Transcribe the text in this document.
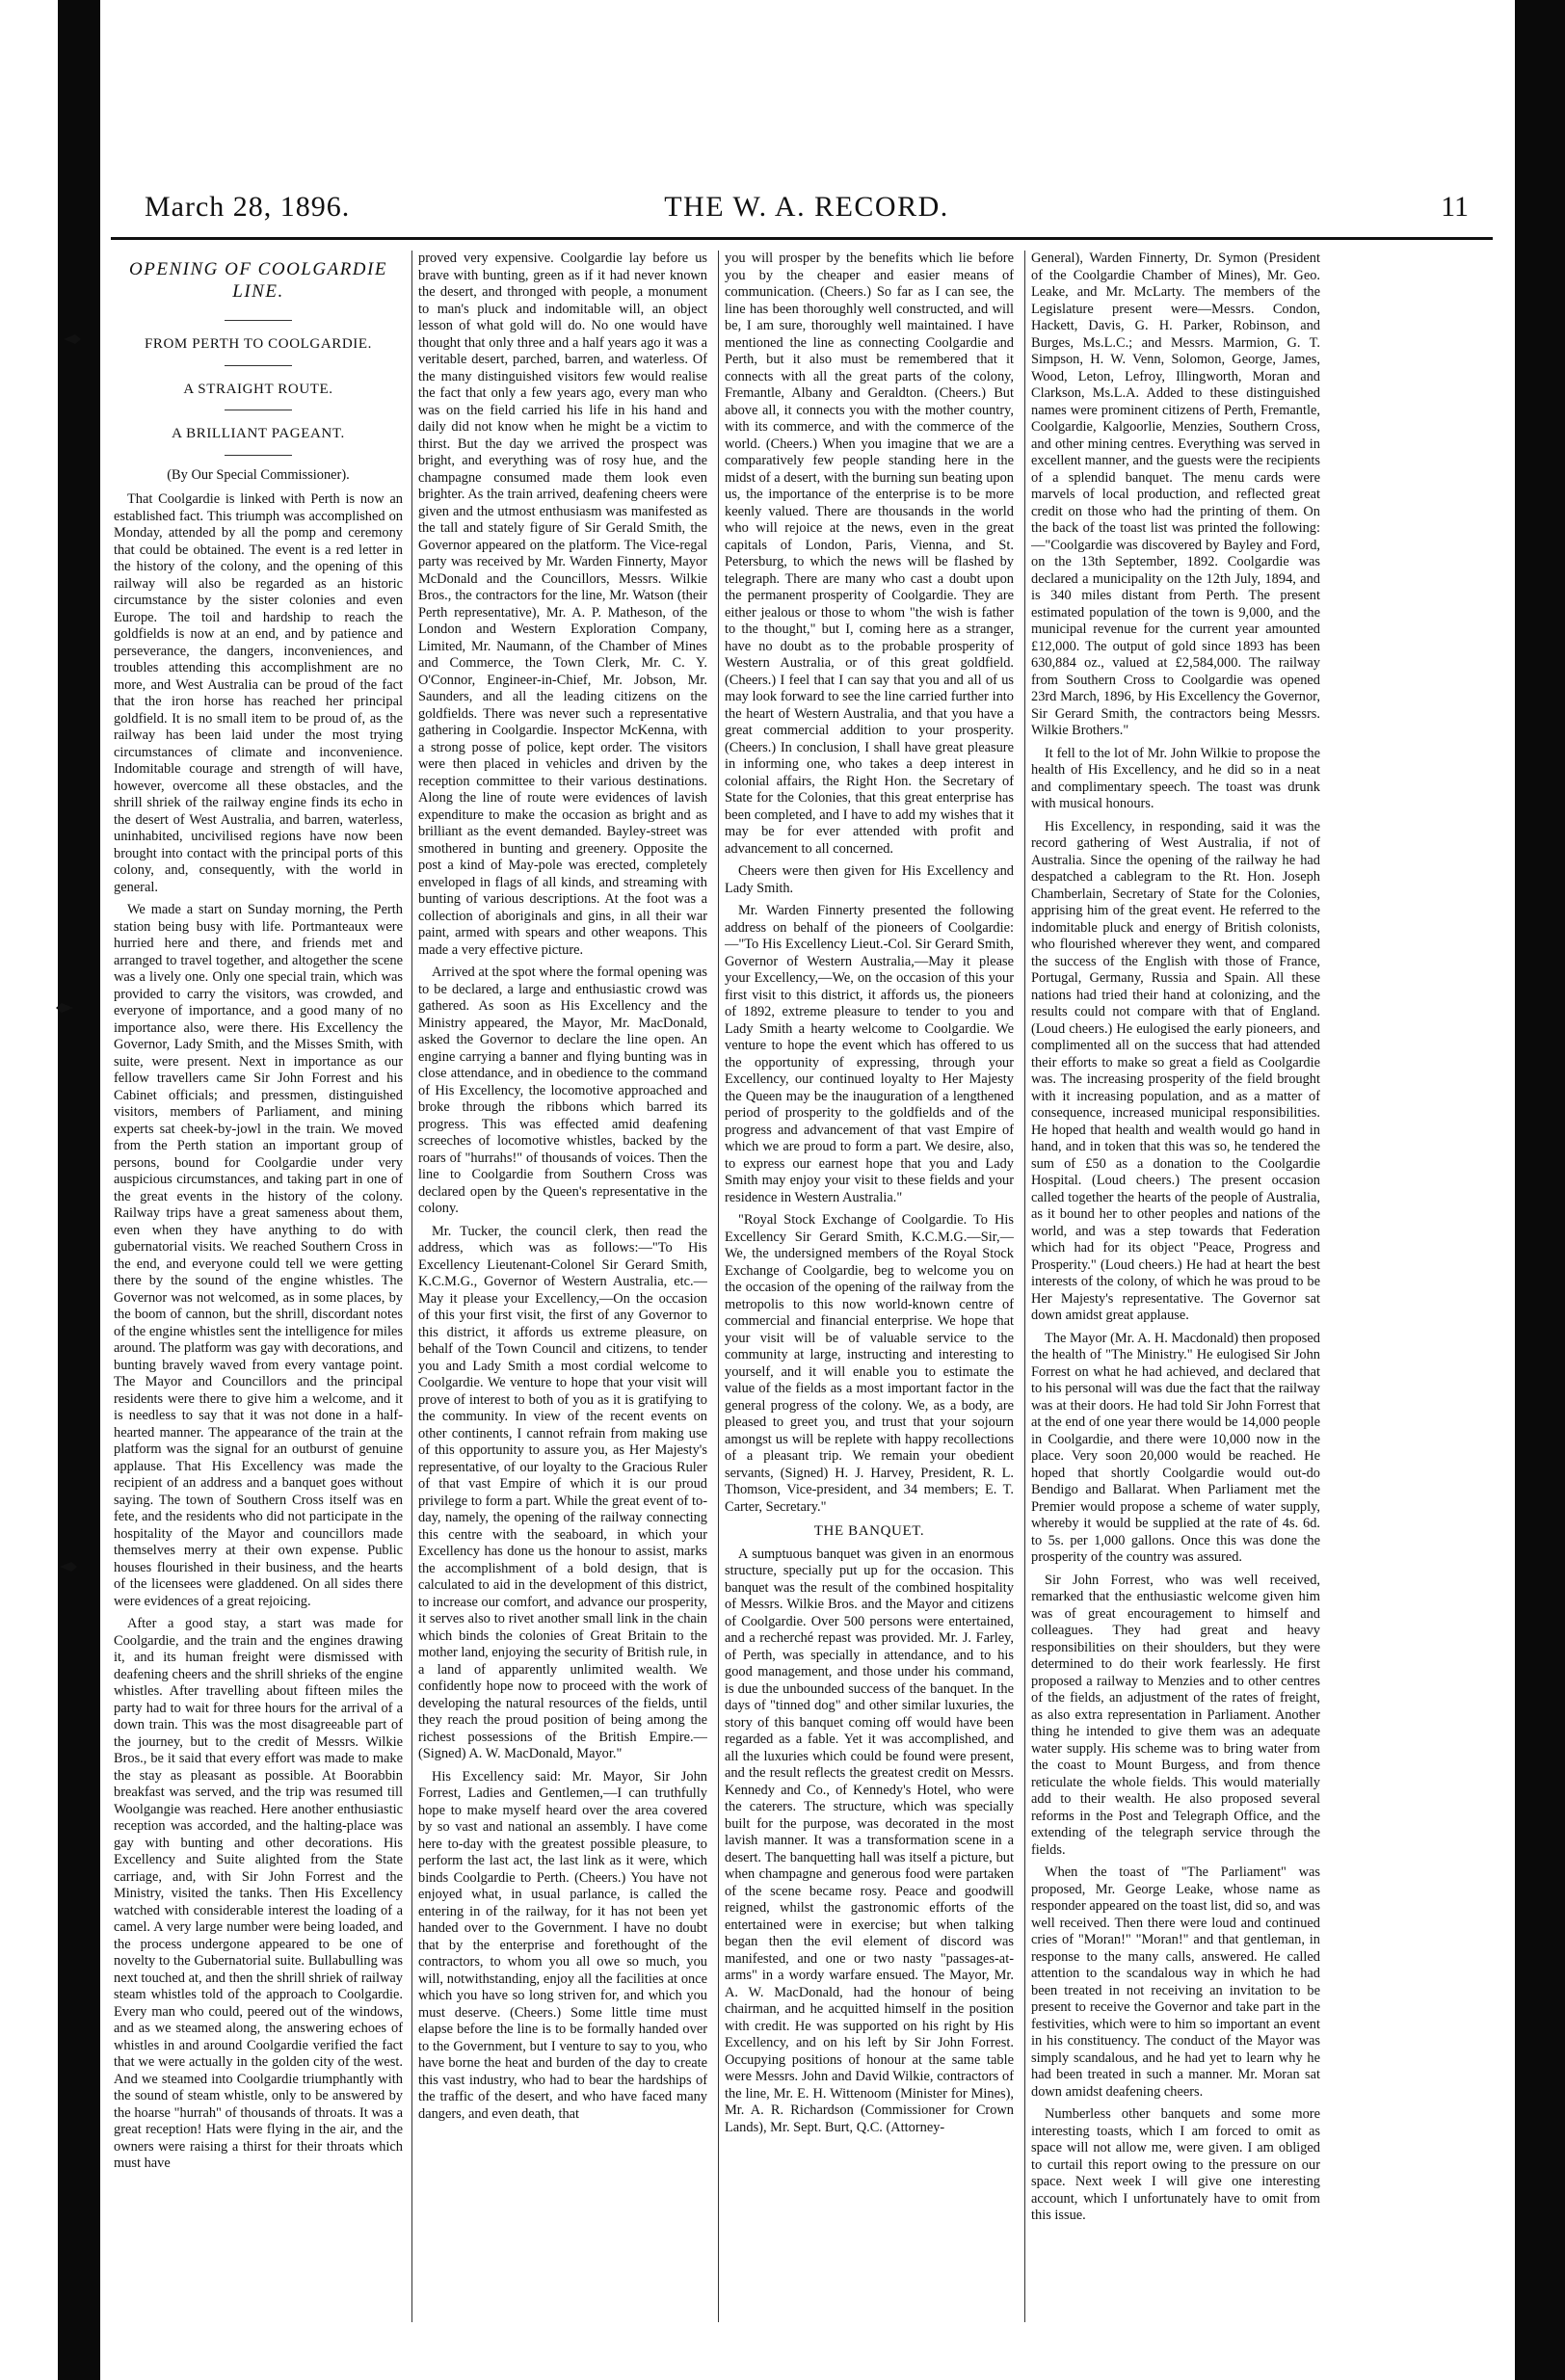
March 28, 1896.	THE W. A. RECORD.	11
OPENING OF COOLGARDIE LINE.
FROM PERTH TO COOLGARDIE.
A STRAIGHT ROUTE.
A BRILLIANT PAGEANT.
(By Our Special Commissioner).

That Coolgardie is linked with Perth is now an established fact. This triumph was accomplished on Monday, attended by all the pomp and ceremony that could be obtained. The event is a red letter in the history of the colony, and the opening of this railway will also be regarded as an historic circumstance by the sister colonies and even Europe. The toil and hardship to reach the goldfields is now at an end, and by patience and perseverance, the dangers, inconveniences, and troubles attending this accomplishment are no more, and West Australia can be proud of the fact that the iron horse has reached her principal goldfield. It is no small item to be proud of, as the railway has been laid under the most trying circumstances of climate and inconvenience. Indomitable courage and strength of will have, however, overcome all these obstacles, and the shrill shriek of the railway engine finds its echo in the desert of West Australia, and barren, waterless, uninhabited, uncivilised regions have now been brought into contact with the principal ports of this colony, and, consequently, with the world in general.

We made a start on Sunday morning, the Perth station being busy with life. Portmanteaux were hurried here and there, and friends met and arranged to travel together, and altogether the scene was a lively one. Only one special train, which was provided to carry the visitors, was crowded, and everyone of importance, and a good many of no importance also, were there. His Excellency the Governor, Lady Smith, and the Misses Smith, with suite, were present. Next in importance as our fellow travellers came Sir John Forrest and his Cabinet officials; and pressmen, distinguished visitors, members of Parliament, and mining experts sat cheek-by-jowl in the train. We moved from the Perth station an important group of persons, bound for Coolgardie under very auspicious circumstances, and taking part in one of the great events in the history of the colony. Railway trips have a great sameness about them, even when they have anything to do with gubernatorial visits. We reached Southern Cross in the end, and everyone could tell we were getting there by the sound of the engine whistles. The Governor was not welcomed, as in some places, by the boom of cannon, but the shrill, discordant notes of the engine whistles sent the intelligence for miles around. The platform was gay with decorations, and bunting bravely waved from every vantage point. The Mayor and Councillors and the principal residents were there to give him a welcome, and it is needless to say that it was not done in a half-hearted manner. The appearance of the train at the platform was the signal for an outburst of genuine applause. That His Excellency was made the recipient of an address and a banquet goes without saying. The town of Southern Cross itself was en fete, and the residents who did not participate in the hospitality of the Mayor and councillors made themselves merry at their own expense. Public houses flourished in their business, and the hearts of the licensees were gladdened. On all sides there were evidences of a great rejoicing.

After a good stay, a start was made for Coolgardie, and the train and the engines drawing it, and its human freight were dismissed with deafening cheers and the shrill shrieks of the engine whistles. After travelling about fifteen miles the party had to wait for three hours for the arrival of a down train. This was the most disagreeable part of the journey, but to the credit of Messrs. Wilkie Bros., be it said that every effort was made to make the stay as pleasant as possible. At Boorabbin breakfast was served, and the trip was resumed till Woolgangie was reached. Here another enthusiastic reception was accorded, and the halting-place was gay with bunting and other decorations. His Excellency and Suite alighted from the State carriage, and, with Sir John Forrest and the Ministry, visited the tanks. Then His Excellency watched with considerable interest the loading of a camel. A very large number were being loaded, and the process undergone appeared to be one of novelty to the Gubernatorial suite. Bullabulling was next touched at, and then the shrill shriek of railway steam whistles told of the approach to Coolgardie. Every man who could, peered out of the windows, and as we steamed along, the answering echoes of whistles in and around Coolgardie verified the fact that we were actually in the golden city of the west. And we steamed into Coolgardie triumphantly with the sound of steam whistle, only to be answered by the hoarse "hurrah" of thousands of throats. It was a great reception! Hats were flying in the air, and the owners were raising a thirst for their throats which must have

proved very expensive. Coolgardie lay before us brave with bunting, green as if it had never known the desert, and thronged with people, a monument to man's pluck and indomitable will, an object lesson of what gold will do. No one would have thought that only three and a half years ago it was a veritable desert, parched, barren, and waterless. Of the many distinguished visitors few would realise the fact that only a few years ago, every man who was on the field carried his life in his hand and daily did not know when he might be a victim to thirst. But the day we arrived the prospect was bright, and everything was of rosy hue, and the champagne consumed made them look even brighter. As the train arrived, deafening cheers were given and the utmost enthusiasm was manifested as the tall and stately figure of Sir Gerald Smith, the Governor appeared on the platform. The Vice-regal party was received by Mr. Warden Finnerty, Mayor McDonald and the Councillors, Messrs. Wilkie Bros., the contractors for the line, Mr. Watson (their Perth representative), Mr. A. P. Matheson, of the London and Western Exploration Company, Limited, Mr. Naumann, of the Chamber of Mines and Commerce, the Town Clerk, Mr. C. Y. O'Connor, Engineer-in-Chief, Mr. Jobson, Mr. Saunders, and all the leading citizens on the goldfields. There was never such a representative gathering in Coolgardie. Inspector McKenna, with a strong posse of police, kept order. The visitors were then placed in vehicles and driven by the reception committee to their various destinations. Along the line of route were evidences of lavish expenditure to make the occasion as bright and as brilliant as the event demanded. Bayley-street was smothered in bunting and greenery. Opposite the post a kind of May-pole was erected, completely enveloped in flags of all kinds, and streaming with bunting of various descriptions. At the foot was a collection of aboriginals and gins, in all their war paint, armed with spears and other weapons. This made a very effective picture.

Arrived at the spot where the formal opening was to be declared, a large and enthusiastic crowd was gathered. As soon as His Excellency and the Ministry appeared, the Mayor, Mr. MacDonald, asked the Governor to declare the line open. An engine carrying a banner and flying bunting was in close attendance, and in obedience to the command of His Excellency, the locomotive approached and broke through the ribbons which barred its progress. This was effected amid deafening screeches of locomotive whistles, backed by the roars of "hurrahs!" of thousands of voices. Then the line to Coolgardie from Southern Cross was declared open by the Queen's representative in the colony.

Mr. Tucker, the council clerk, then read the address, which was as follows:—"To His Excellency Lieutenant-Colonel Sir Gerard Smith, K.C.M.G., Governor of Western Australia, etc.—May it please your Excellency,—On the occasion of this your first visit, the first of any Governor to this district, it affords us extreme pleasure, on behalf of the Town Council and citizens, to tender you and Lady Smith a most cordial welcome to Coolgardie. We venture to hope that your visit will prove of interest to both of you as it is gratifying to the community. In view of the recent events on other continents, I cannot refrain from making use of this opportunity to assure you, as Her Majesty's representative, of our loyalty to the Gracious Ruler of that vast Empire of which it is our proud privilege to form a part. While the great event of to-day, namely, the opening of the railway connecting this centre with the seaboard, in which your Excellency has done us the honour to assist, marks the accomplishment of a bold design, that is calculated to aid in the development of this district, to increase our comfort, and advance our prosperity, it serves also to rivet another small link in the chain which binds the colonies of Great Britain to the mother land, enjoying the security of British rule, in a land of apparently unlimited wealth. We confidently hope now to proceed with the work of developing the natural resources of the fields, until they reach the proud position of being among the richest possessions of the British Empire.—(Signed) A. W. MacDonald, Mayor."

His Excellency said: Mr. Mayor, Sir John Forrest, Ladies and Gentlemen,—I can truthfully hope to make myself heard over the area covered by so vast and national an assembly. I have come here to-day with the greatest possible pleasure, to perform the last act, the last link as it were, which binds Coolgardie to Perth. (Cheers.) You have not enjoyed what, in usual parlance, is called the entering in of the railway, for it has not been yet handed over to the Government. I have no doubt that by the enterprise and forethought of the contractors, to whom you all owe so much, you will, notwithstanding, enjoy all the facilities at once which you have so long striven for, and which you must deserve. (Cheers.) Some little time must elapse before the line is to be formally handed over to the Government, but I venture to say to you, who have borne the heat and burden of the day to create this vast industry, who had to bear the hardships of the traffic of the desert, and who have faced many dangers, and even death, that

you will prosper by the benefits which lie before you by the cheaper and easier means of communication. (Cheers.) So far as I can see, the line has been thoroughly well constructed, and will be, I am sure, thoroughly well maintained. I have mentioned the line as connecting Coolgardie and Perth, but it also must be remembered that it connects with all the great parts of the colony, Fremantle, Albany and Geraldton. (Cheers.) But above all, it connects you with the mother country, with its commerce, and with the commerce of the world. (Cheers.) When you imagine that we are a comparatively few people standing here in the midst of a desert, with the burning sun beating upon us, the importance of the enterprise is to be more keenly valued. There are thousands in the world who will rejoice at the news, even in the great capitals of London, Paris, Vienna, and St. Petersburg, to which the news will be flashed by telegraph. There are many who cast a doubt upon the permanent prosperity of Coolgardie. They are either jealous or those to whom "the wish is father to the thought," but I, coming here as a stranger, have no doubt as to the probable prosperity of Western Australia, or of this great goldfield. (Cheers.) I feel that I can say that you and all of us may look forward to see the line carried further into the heart of Western Australia, and that you have a great commercial addition to your prosperity. (Cheers.) In conclusion, I shall have great pleasure in informing one, who takes a deep interest in colonial affairs, the Right Hon. the Secretary of State for the Colonies, that this great enterprise has been completed, and I have to add my wishes that it may be for ever attended with profit and advancement to all concerned.

Cheers were then given for His Excellency and Lady Smith.

Mr. Warden Finnerty presented the following address on behalf of the pioneers of Coolgardie:—"To His Excellency Lieut.-Col. Sir Gerard Smith, Governor of Western Australia,—May it please your Excellency,—We, on the occasion of this your first visit to this district, it affords us, the pioneers of 1892, extreme pleasure to tender to you and Lady Smith a hearty welcome to Coolgardie. We venture to hope the event which has offered to us the opportunity of expressing, through your Excellency, our continued loyalty to Her Majesty the Queen may be the inauguration of a lengthened period of prosperity to the goldfields and of the progress and advancement of that vast Empire of which we are proud to form a part. We desire, also, to express our earnest hope that you and Lady Smith may enjoy your visit to these fields and your residence in Western Australia."

"Royal Stock Exchange of Coolgardie. To His Excellency Sir Gerard Smith, K.C.M.G.—Sir,—We, the undersigned members of the Royal Stock Exchange of Coolgardie, beg to welcome you on the occasion of the opening of the railway from the metropolis to this now world-known centre of commercial and financial enterprise. We hope that your visit will be of valuable service to the community at large, instructing and interesting to yourself, and it will enable you to estimate the value of the fields as a most important factor in the general progress of the colony. We, as a body, are pleased to greet you, and trust that your sojourn amongst us will be replete with happy recollections of a pleasant trip. We remain your obedient servants, (Signed) H. J. Harvey, President, R. L. Thomson, Vice-president, and 34 members; E. T. Carter, Secretary."

THE BANQUET.

A sumptuous banquet was given in an enormous structure, specially put up for the occasion. This banquet was the result of the combined hospitality of Messrs. Wilkie Bros. and the Mayor and citizens of Coolgardie. Over 500 persons were entertained, and a recherché repast was provided. Mr. J. Farley, of Perth, was specially in attendance, and to his good management, and those under his command, is due the unbounded success of the banquet. In the days of "tinned dog" and other similar luxuries, the story of this banquet coming off would have been regarded as a fable. Yet it was accomplished, and all the luxuries which could be found were present, and the result reflects the greatest credit on Messrs. Kennedy and Co., of Kennedy's Hotel, who were the caterers. The structure, which was specially built for the purpose, was decorated in the most lavish manner. It was a transformation scene in a desert. The banquetting hall was itself a picture, but when champagne and generous food were partaken of the scene became rosy. Peace and goodwill reigned, whilst the gastronomic efforts of the entertained were in exercise; but when talking began then the evil element of discord was manifested, and one or two nasty "passages-at-arms" in a wordy warfare ensued. The Mayor, Mr. A. W. MacDonald, had the honour of being chairman, and he acquitted himself in the position with credit. He was supported on his right by His Excellency, and on his left by Sir John Forrest. Occupying positions of honour at the same table were Messrs. John and David Wilkie, contractors of the line, Mr. E. H. Wittenoom (Minister for Mines), Mr. A. R. Richardson (Commissioner for Crown Lands), Mr. Sept. Burt, Q.C. (Attorney-

General), Warden Finnerty, Dr. Symon (President of the Coolgardie Chamber of Mines), Mr. Geo. Leake, and Mr. McLarty. The members of the Legislature present were—Messrs. Condon, Hackett, Davis, G. H. Parker, Robinson, and Burges, Ms.L.C.; and Messrs. Marmion, G. T. Simpson, H. W. Venn, Solomon, George, James, Wood, Leton, Lefroy, Illingworth, Moran and Clarkson, Ms.L.A. Added to these distinguished names were prominent citizens of Perth, Fremantle, Coolgardie, Kalgoorlie, Menzies, Southern Cross, and other mining centres. Everything was served in excellent manner, and the guests were the recipients of a splendid banquet. The menu cards were marvels of local production, and reflected great credit on those who had the printing of them. On the back of the toast list was printed the following:—"Coolgardie was discovered by Bayley and Ford, on the 13th September, 1892. Coolgardie was declared a municipality on the 12th July, 1894, and is 340 miles distant from Perth. The present estimated population of the town is 9,000, and the municipal revenue for the current year amounted £12,000. The output of gold since 1893 has been 630,884 oz., valued at £2,584,000. The railway from Southern Cross to Coolgardie was opened 23rd March, 1896, by His Excellency the Governor, Sir Gerard Smith, the contractors being Messrs. Wilkie Brothers."

It fell to the lot of Mr. John Wilkie to propose the health of His Excellency, and he did so in a neat and complimentary speech. The toast was drunk with musical honours.

His Excellency, in responding, said it was the record gathering of West Australia, if not of Australia. Since the opening of the railway he had despatched a cablegram to the Rt. Hon. Joseph Chamberlain, Secretary of State for the Colonies, apprising him of the great event. He referred to the indomitable pluck and energy of British colonists, who flourished wherever they went, and compared the success of the English with those of France, Portugal, Germany, Russia and Spain. All these nations had tried their hand at colonizing, and the results could not compare with that of England. (Loud cheers.) He eulogised the early pioneers, and complimented all on the success that had attended their efforts to make so great a field as Coolgardie was. The increasing prosperity of the field brought with it increasing population, and as a matter of consequence, increased municipal responsibilities. He hoped that health and wealth would go hand in hand, and in token that this was so, he tendered the sum of £50 as a donation to the Coolgardie Hospital. (Loud cheers.) The present occasion called together the hearts of the people of Australia, as it bound her to other peoples and nations of the world, and was a step towards that Federation which had for its object "Peace, Progress and Prosperity." (Loud cheers.) He had at heart the best interests of the colony, of which he was proud to be Her Majesty's representative. The Governor sat down amidst great applause.

The Mayor (Mr. A. H. Macdonald) then proposed the health of "The Ministry." He eulogised Sir John Forrest on what he had achieved, and declared that to his personal will was due the fact that the railway was at their doors. He had told Sir John Forrest that at the end of one year there would be 14,000 people in Coolgardie, and there were 10,000 now in the place. Very soon 20,000 would be reached. He hoped that shortly Coolgardie would out-do Bendigo and Ballarat. When Parliament met the Premier would propose a scheme of water supply, whereby it would be supplied at the rate of 4s. 6d. to 5s. per 1,000 gallons. Once this was done the prosperity of the country was assured.

Sir John Forrest, who was well received, remarked that the enthusiastic welcome given him was of great encouragement to himself and colleagues. They had great and heavy responsibilities on their shoulders, but they were determined to do their work fearlessly. He first proposed a railway to Menzies and to other centres of the fields, an adjustment of the rates of freight, as also extra representation in Parliament. Another thing he intended to give them was an adequate water supply. His scheme was to bring water from the coast to Mount Burgess, and from thence reticulate the whole fields. This would materially add to their wealth. He also proposed several reforms in the Post and Telegraph Office, and the extending of the telegraph service through the fields.

When the toast of "The Parliament" was proposed, Mr. George Leake, whose name as responder appeared on the toast list, did so, and was well received. Then there were loud and continued cries of "Moran!" "Moran!" and that gentleman, in response to the many calls, answered. He called attention to the scandalous way in which he had been treated in not receiving an invitation to be present to receive the Governor and take part in the festivities, which were to him so important an event in his constituency. The conduct of the Mayor was simply scandalous, and he had yet to learn why he had been treated in such a manner. Mr. Moran sat down amidst deafening cheers.

Numberless other banquets and some more interesting toasts, which I am forced to omit as space will not allow me, were given. I am obliged to curtail this report owing to the pressure on our space. Next week I will give one interesting account, which I unfortunately have to omit from this issue.
